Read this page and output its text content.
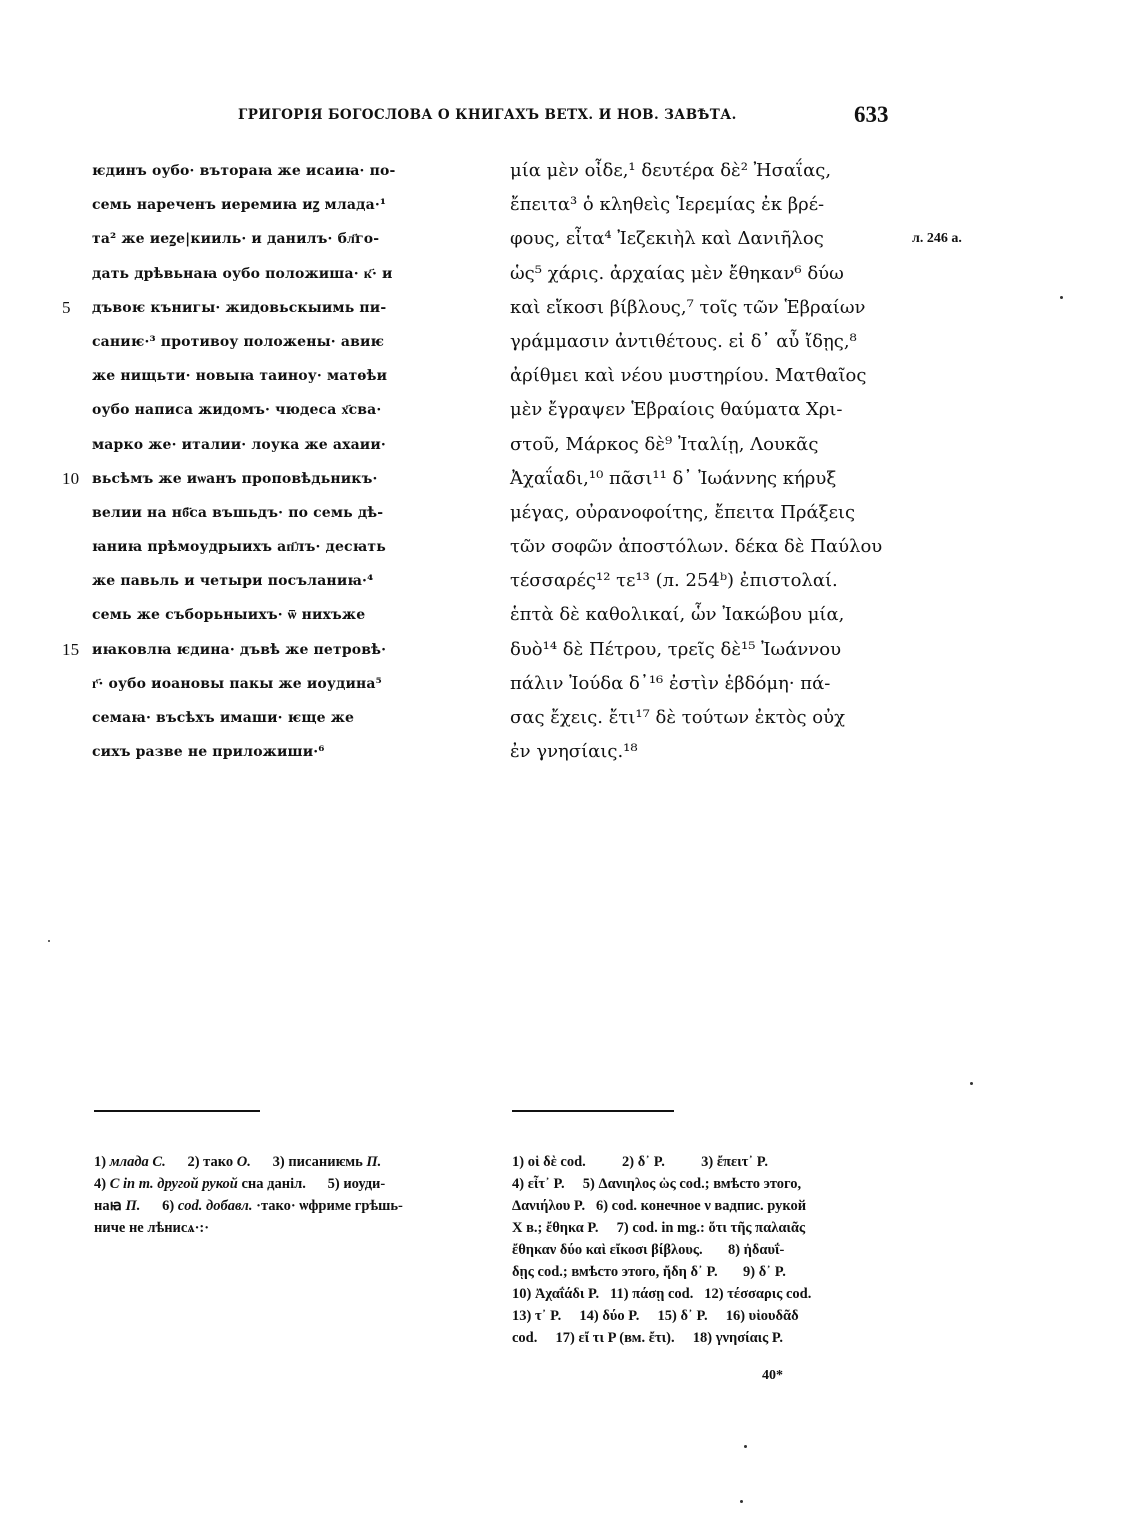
ГРИГОРІЯ БОГОСЛОВА О КНИГАХЪ ВЕТХ. И НОВ. ЗАВѢТА.	633
ѥдинъ оубо· вътораꙗ же исаиꙗ· по-
семь нареченъ иеремиꙗ иꙁ млада·¹
та² же иеꙁе|кииль· и данилъ· бл҃го-
дать дрѣвьнаꙗ оубо положиша· к҃· и
5 дъвоѥ кънигы· жидовьскыимь пи-
саниѥ·³ противоу положены· авиѥ
же нищьти· новыꙗ таиноу· матѳѣи
оубо написа жидомъ· чюдеса х҃сва·
марко же· италии· лоука же ахаии·
10 вьсѣмъ же иѡанъ проповѣдьникъ·
велии на нб҃са въшьдъ· по семь дѣ-
ꙗниꙗ прѣмоудрыихъ ап҃лъ· десꙗть
же павьль и четыри посъланиꙗ·⁴
семь же съборьныихъ· ѿ нихъже
15 иꙗковлꙗ ѥдина· дъвѣ же петровѣ·
г҃· оубо иоановы пакы же иоудина⁵
семаꙗ· въсѣхъ имаши· ѥще же
сихъ разве не приложиши·⁶
μία μὲν οἶδε,¹ δευτέρα δὲ² Ἠσαΐας,
ἔπειτα³ ὁ κληθεὶς Ἱερεμίας ἐκ βρέ-
φους, εἶτα⁴ Ἰεζεκιὴλ καὶ Δανιῆλος
ὡς⁵ χάρις. ἀρχαίας μὲν ἔθηκαν⁶ δύω
καὶ εἴκοσι βίβλους,⁷ τοῖς τῶν Ἑβραίων
γράμμασιν ἀντιθέτους. εἰ δ᾽ αὖ ἴδῃς,⁸
ἀρίθμει καὶ νέου μυστηρίου. Ματθαῖος
μὲν ἔγραψεν Ἑβραίοις θαύματα Χρι-
στοῦ, Μάρκος δὲ⁹ Ἰταλίῃ, Λουκᾶς
Ἀχαΐαδι,¹⁰ πᾶσι¹¹ δ᾽ Ἰωάννης κήρυξ
μέγας, οὐρανοφοίτης, ἔπειτα Πράξεις
τῶν σοφῶν ἀποστόλων. δέκα δὲ Παύλου
τέσσαρές¹² τε¹³ (л. 254ᵇ) ἐπιστολαί.
ἑπτὰ δὲ καθολικαί, ὧν Ἰακώβου μία,
δυὸ¹⁴ δὲ Πέτρου, τρεῖς δὲ¹⁵ Ἰωάννου
πάλιν Ἰούδα δ᾽¹⁶ ἐστὶν ἑβδόμη· πά-
σας ἔχεις. ἔτι¹⁷ δὲ τούτων ἐκτὸς οὐχ
ἐν γνησίαις.¹⁸
л. 246 а.
1) млада C.      2) тако O.      3) писаниѥмь П.
4) C in m. другой рукой сна даніл.      5) иоуди-
наꙗ П.      6) cod. добавл. ·тако· ѡфриме грѣшь-
ниче не лѣнисѧ·:·
1) οἱ δὲ cod.          2) δ᾽ P.          3) ἔπειτ᾽ P.
4) εἶτ᾽ P.     5) Δανιηλος ὡς cod.; вмѣсто этого,
Δανιήλου P.   6) cod. конечное ν вадпис. рукой
X в.; ἔθηκα P.     7) cod. in mg.: ὅτι τῆς παλαιᾶς
ἔθηκαν δύο καὶ εἴκοσι βίβλους.       8) ἠδαυΐ-
δῃς cod.; вмѣсто этого, ἤδη δ᾽ P.       9) δ᾽ P.
10) Ἀχαΐάδι P.   11) πάσῃ cod.   12) τέσσαρις cod.
13) τ᾽ P.     14) δύο P.     15) δ᾽ P.     16) υἱουδᾶδ
cod.     17) εἴ τι P (вм. ἔτι).     18) γνησίαις P.
40*
